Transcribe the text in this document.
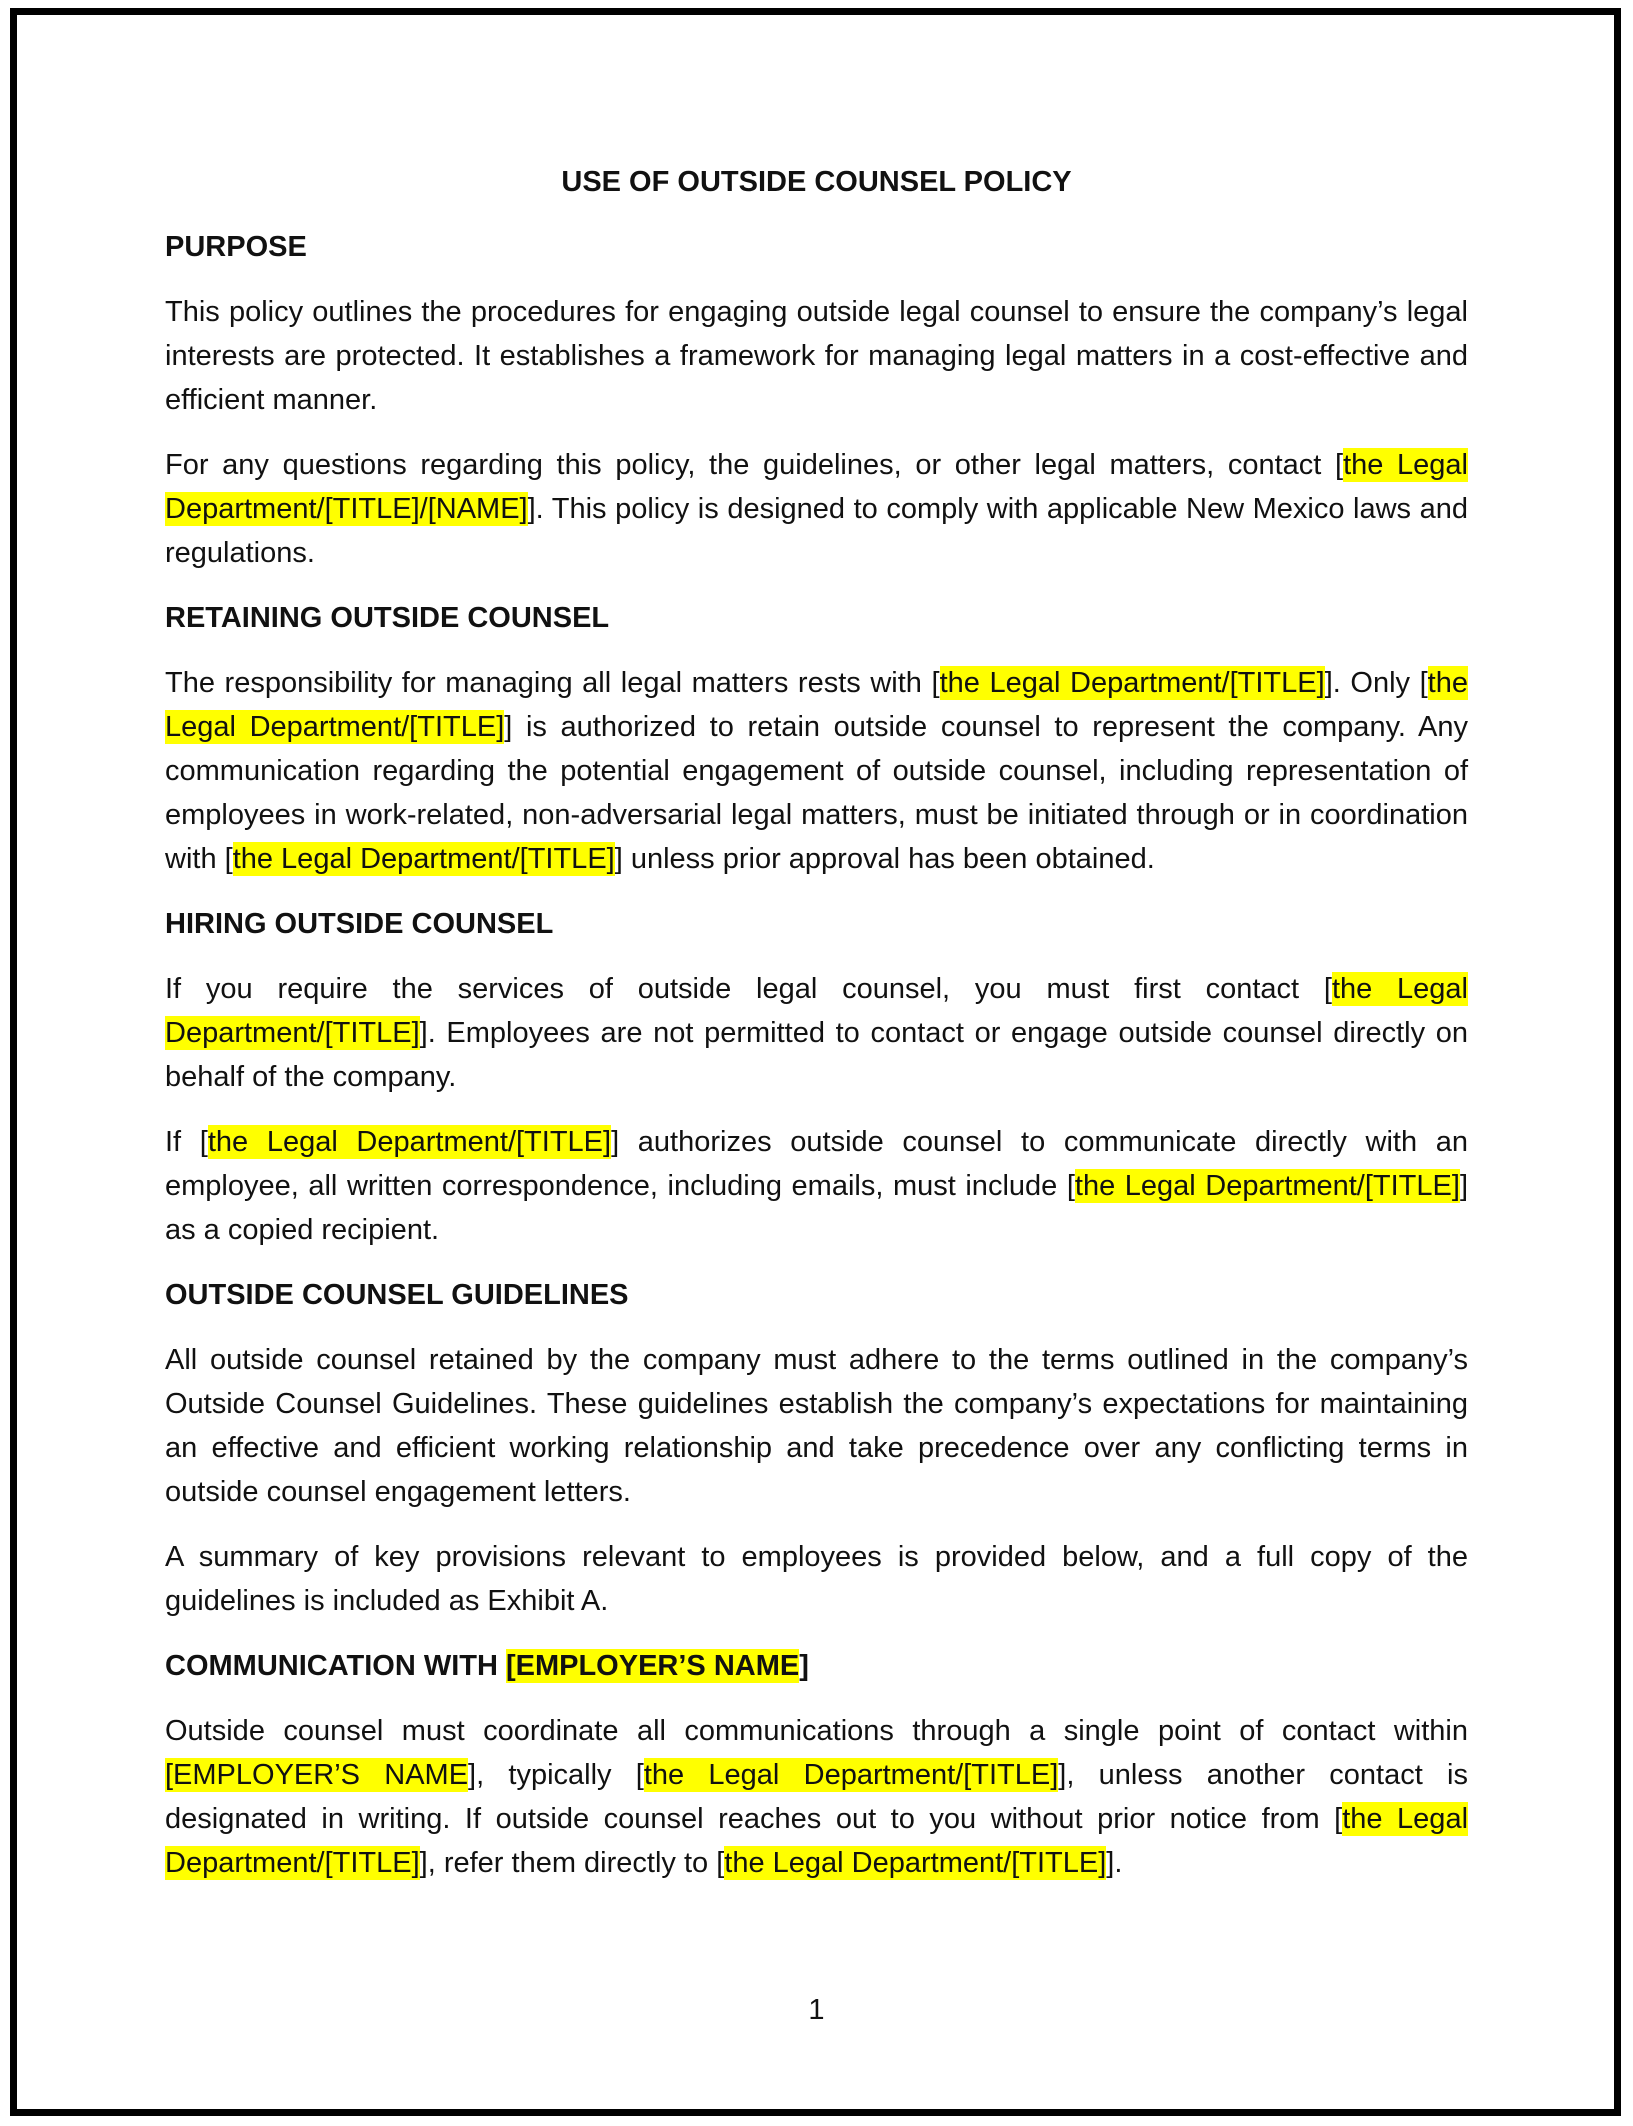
USE OF OUTSIDE COUNSEL POLICY
PURPOSE

This policy outlines the procedures for engaging outside legal counsel to ensure the company’s legal interests are protected. It establishes a framework for managing legal matters in a cost-effective and efficient manner.

For any questions regarding this policy, the guidelines, or other legal matters, contact [the Legal Department/[TITLE]/[NAME]]. This policy is designed to comply with applicable New Mexico laws and regulations.

RETAINING OUTSIDE COUNSEL

The responsibility for managing all legal matters rests with [the Legal Department/[TITLE]]. Only [the Legal Department/[TITLE]] is authorized to retain outside counsel to represent the company. Any communication regarding the potential engagement of outside counsel, including representation of employees in work-related, non-adversarial legal matters, must be initiated through or in coordination with [the Legal Department/[TITLE]] unless prior approval has been obtained.

HIRING OUTSIDE COUNSEL

If you require the services of outside legal counsel, you must first contact [the Legal Department/[TITLE]]. Employees are not permitted to contact or engage outside counsel directly on behalf of the company.

If [the Legal Department/[TITLE]] authorizes outside counsel to communicate directly with an employee, all written correspondence, including emails, must include [the Legal Department/[TITLE]] as a copied recipient.

OUTSIDE COUNSEL GUIDELINES

All outside counsel retained by the company must adhere to the terms outlined in the company’s Outside Counsel Guidelines. These guidelines establish the company’s expectations for maintaining an effective and efficient working relationship and take precedence over any conflicting terms in outside counsel engagement letters.

A summary of key provisions relevant to employees is provided below, and a full copy of the guidelines is included as Exhibit A.

COMMUNICATION WITH [EMPLOYER’S NAME]

Outside counsel must coordinate all communications through a single point of contact within [EMPLOYER’S NAME], typically [the Legal Department/[TITLE]], unless another contact is designated in writing. If outside counsel reaches out to you without prior notice from [the Legal Department/[TITLE]], refer them directly to [the Legal Department/[TITLE]].

1
